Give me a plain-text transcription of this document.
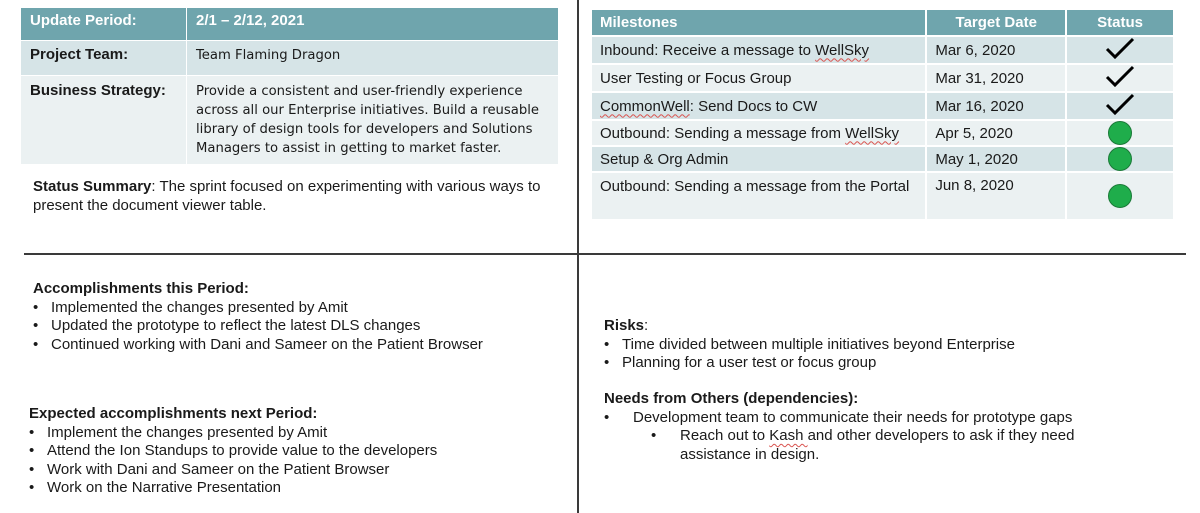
Update Period:	2/1 – 2/12, 2021
Project Team:	Team Flaming Dragon
Business Strategy:	Provide a consistent and user-friendly experience across all our Enterprise initiatives. Build a reusable library of design tools for developers and Solutions Managers to assist in getting to market faster.
Status Summary: The sprint focused on experimenting with various ways to present the document viewer table.
Milestones	Target Date	Status
Inbound: Receive a message to WellSky	Mar 6, 2020	
User Testing or Focus Group	Mar 31, 2020	
CommonWell: Send Docs to CW	Mar 16, 2020	
Outbound: Sending a message from WellSky	Apr 5, 2020	
Setup & Org Admin	May 1, 2020	
Outbound: Sending a message from the Portal	Jun 8, 2020	
Accomplishments this Period:
• Implemented the changes presented by Amit
• Updated the prototype to reflect the latest DLS changes
• Continued working with Dani and Sameer on the Patient Browser
Expected accomplishments next Period:
• Implement the changes presented by Amit
• Attend the Ion Standups to provide value to the developers
• Work with Dani and Sameer on the Patient Browser
• Work on the Narrative Presentation
Risks:
• Time divided between multiple initiatives beyond Enterprise
• Planning for a user test or focus group
Needs from Others (dependencies):
• Development team to communicate their needs for prototype gaps
• Reach out to Kash and other developers to ask if they need assistance in design.
